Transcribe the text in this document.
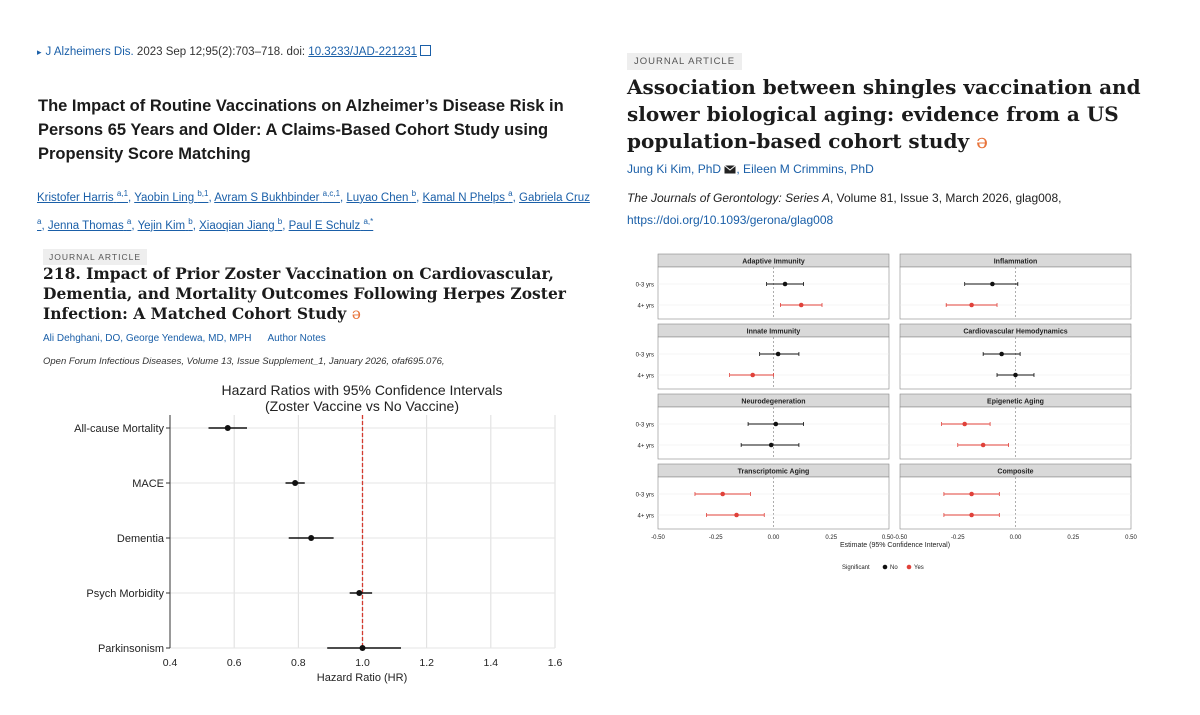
▸ J Alzheimers Dis. 2023 Sep 12;95(2):703–718. doi: 10.3233/JAD-221231
The Impact of Routine Vaccinations on Alzheimer’s Disease Risk in Persons 65 Years and Older: A Claims-Based Cohort Study using Propensity Score Matching
Kristofer Harris $^{a,1}$, Yaobin Ling $^{b,1}$, Avram S Bukhbinder $^{a,c,1}$, Luyao Chen $^b$, Kamal N Phelps $^a$, Gabriela Cruz $^a$, Jenna Thomas $^a$, Yejin Kim $^b$, Xiaoqian Jiang $^b$, Paul E Schulz $^{a,*}$
JOURNAL ARTICLE
218. Impact of Prior Zoster Vaccination on Cardiovascular, Dementia, and Mortality Outcomes Following Herpes Zoster Infection: A Matched Cohort Study ə
Ali Dehghani, DO, George Yendewa, MD, MPH Author Notes
Open Forum Infectious Diseases, Volume 13, Issue Supplement_1, January 2026, ofaf695.076,
Hazard Ratios with 95% Confidence Intervals
(Zoster Vaccine vs No Vaccine)
All-cause Mortality
MACE
Dementia
Psych Morbidity
Parkinsonism
0.4	0.6	0.8	1.0	1.2	1.4	1.6
Hazard Ratio (HR)
JOURNAL ARTICLE
Association between shingles vaccination and slower biological aging: evidence from a US population-based cohort study ə
Jung Ki Kim, PhD , Eileen M Crimmins, PhD
The Journals of Gerontology: Series A, Volume 81, Issue 3, March 2026, glag008,
https://doi.org/10.1093/gerona/glag008
Adaptive Immunity
0-3 yrs
4+ yrs
Inflammation
Innate Immunity
0-3 yrs
4+ yrs
Cardiovascular Hemodynamics
Neurodegeneration
0-3 yrs
4+ yrs
Epigenetic Aging
Transcriptomic Aging
0-3 yrs
4+ yrs
Composite
-0.50	-0.25	0.00	0.25	0.50-0.50	-0.25	0.00	0.25	0.50
Estimate (95% Confidence Interval)
Significant	No	Yes
